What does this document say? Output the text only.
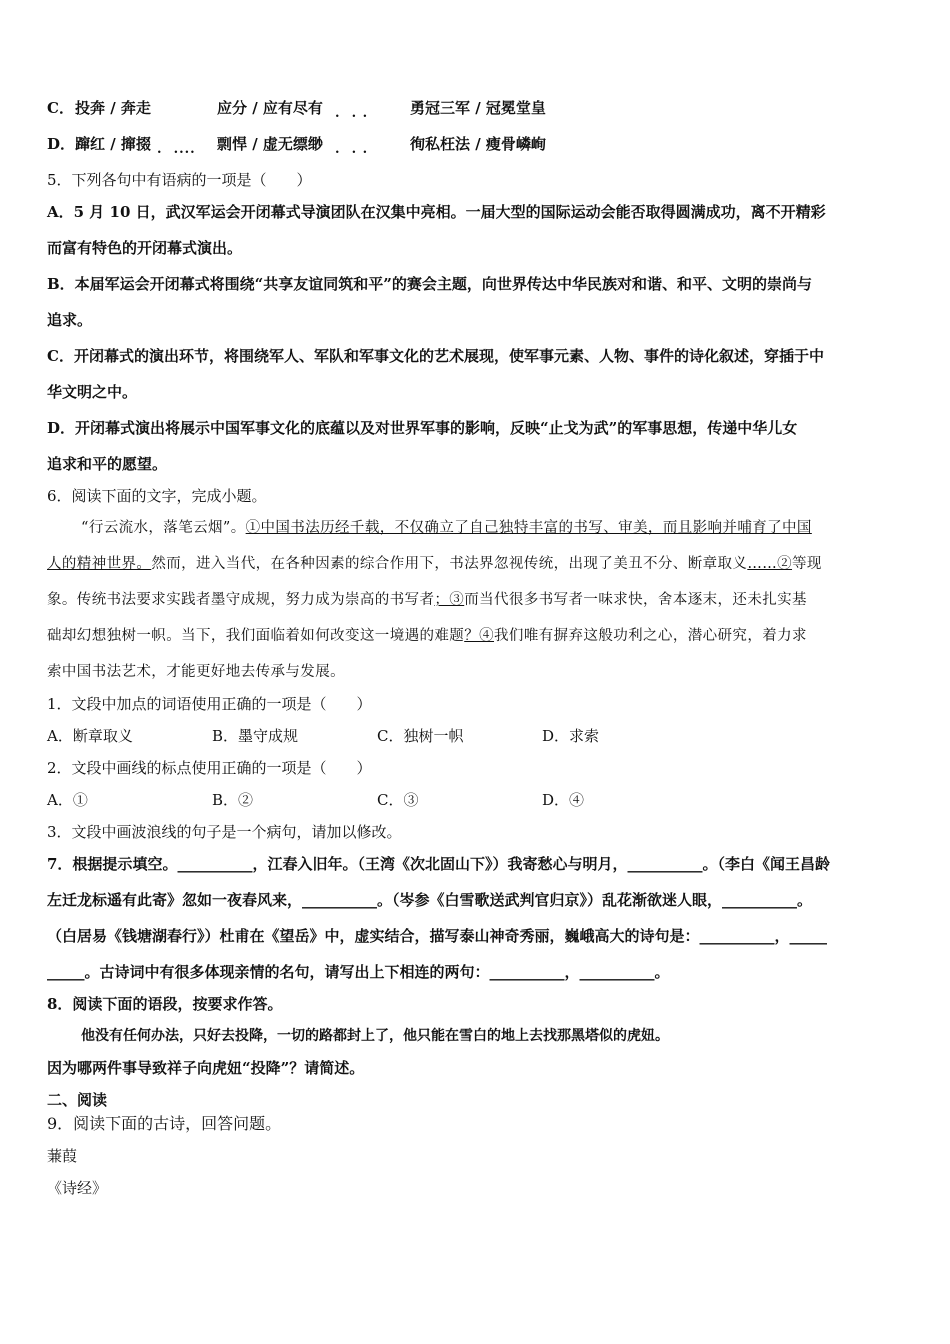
C． 投奔 / 奔走	应分 / 应有尽有 .  . .	勇冠三军 / 冠冕堂皇
D． 蹿红 / 撺掇 .  .... 剽悍 / 虚无缥缈 .  . .	徇私枉法 / 瘦骨嶙峋
5．下列各句中有语病的一项是（　　）
A．5 月 10 日，武汉军运会开闭幕式导演团队在汉集中亮相。一届大型的国际运动会能否取得圆满成功，离不开精彩
而富有特色的开闭幕式演出。
B．本届军运会开闭幕式将围绕“共享友谊同筑和平”的赛会主题，向世界传达中华民族对和谐、和平、文明的崇尚与
追求。
C．开闭幕式的演出环节，将围绕军人、军队和军事文化的艺术展现，使军事元素、人物、事件的诗化叙述，穿插于中
华文明之中。
D．开闭幕式演出将展示中国军事文化的底蕴以及对世界军事的影响，反映“止戈为武”的军事思想，传递中华儿女
追求和平的愿望。
6．阅读下面的文字，完成小题。
“行云流水，落笔云烟”。①中国书法历经千载，不仅确立了自己独特丰富的书写、审美，而且影响并哺育了中国
人的精神世界。然而，进入当代，在各种因素的综合作用下，书法界忽视传统，出现了美丑不分、断章取义……②等现
象。传统书法要求实践者墨守成规，努力成为崇高的书写者；③而当代很多书写者一味求快，舍本逐末，还未扎实基
础却幻想独树一帜。当下，我们面临着如何改变这一境遇的难题？④我们唯有摒弃这般功利之心，潜心研究，着力求
索中国书法艺术，才能更好地去传承与发展。
1．文段中加点的词语使用正确的一项是（　　）
A．断章取义	B．墨守成规	C．独树一帜	D．求索
2．文段中画线的标点使用正确的一项是（　　）
A．①	B．②	C．③	D．④
3．文段中画波浪线的句子是一个病句，请加以修改。
7．根据提示填空。__________，江春入旧年。（王湾《次北固山下》）我寄愁心与明月，__________。（李白《闻王昌龄
左迁龙标遥有此寄》忽如一夜春风来，__________。（岑参《白雪歌送武判官归京》）乱花渐欲迷人眼，__________。
（白居易《钱塘湖春行》）杜甫在《望岳》中，虚实结合，描写泰山神奇秀丽，巍峨高大的诗句是：__________，_____
_____。古诗词中有很多体现亲情的名句，请写出上下相连的两句：__________，__________。
8．阅读下面的语段，按要求作答。
他没有任何办法，只好去投降，一切的路都封上了，他只能在雪白的地上去找那黑塔似的虎妞。
因为哪两件事导致祥子向虎妞“投降”？请简述。
二、阅读
9．阅读下面的古诗，回答问题。
蒹葭
《诗经》
